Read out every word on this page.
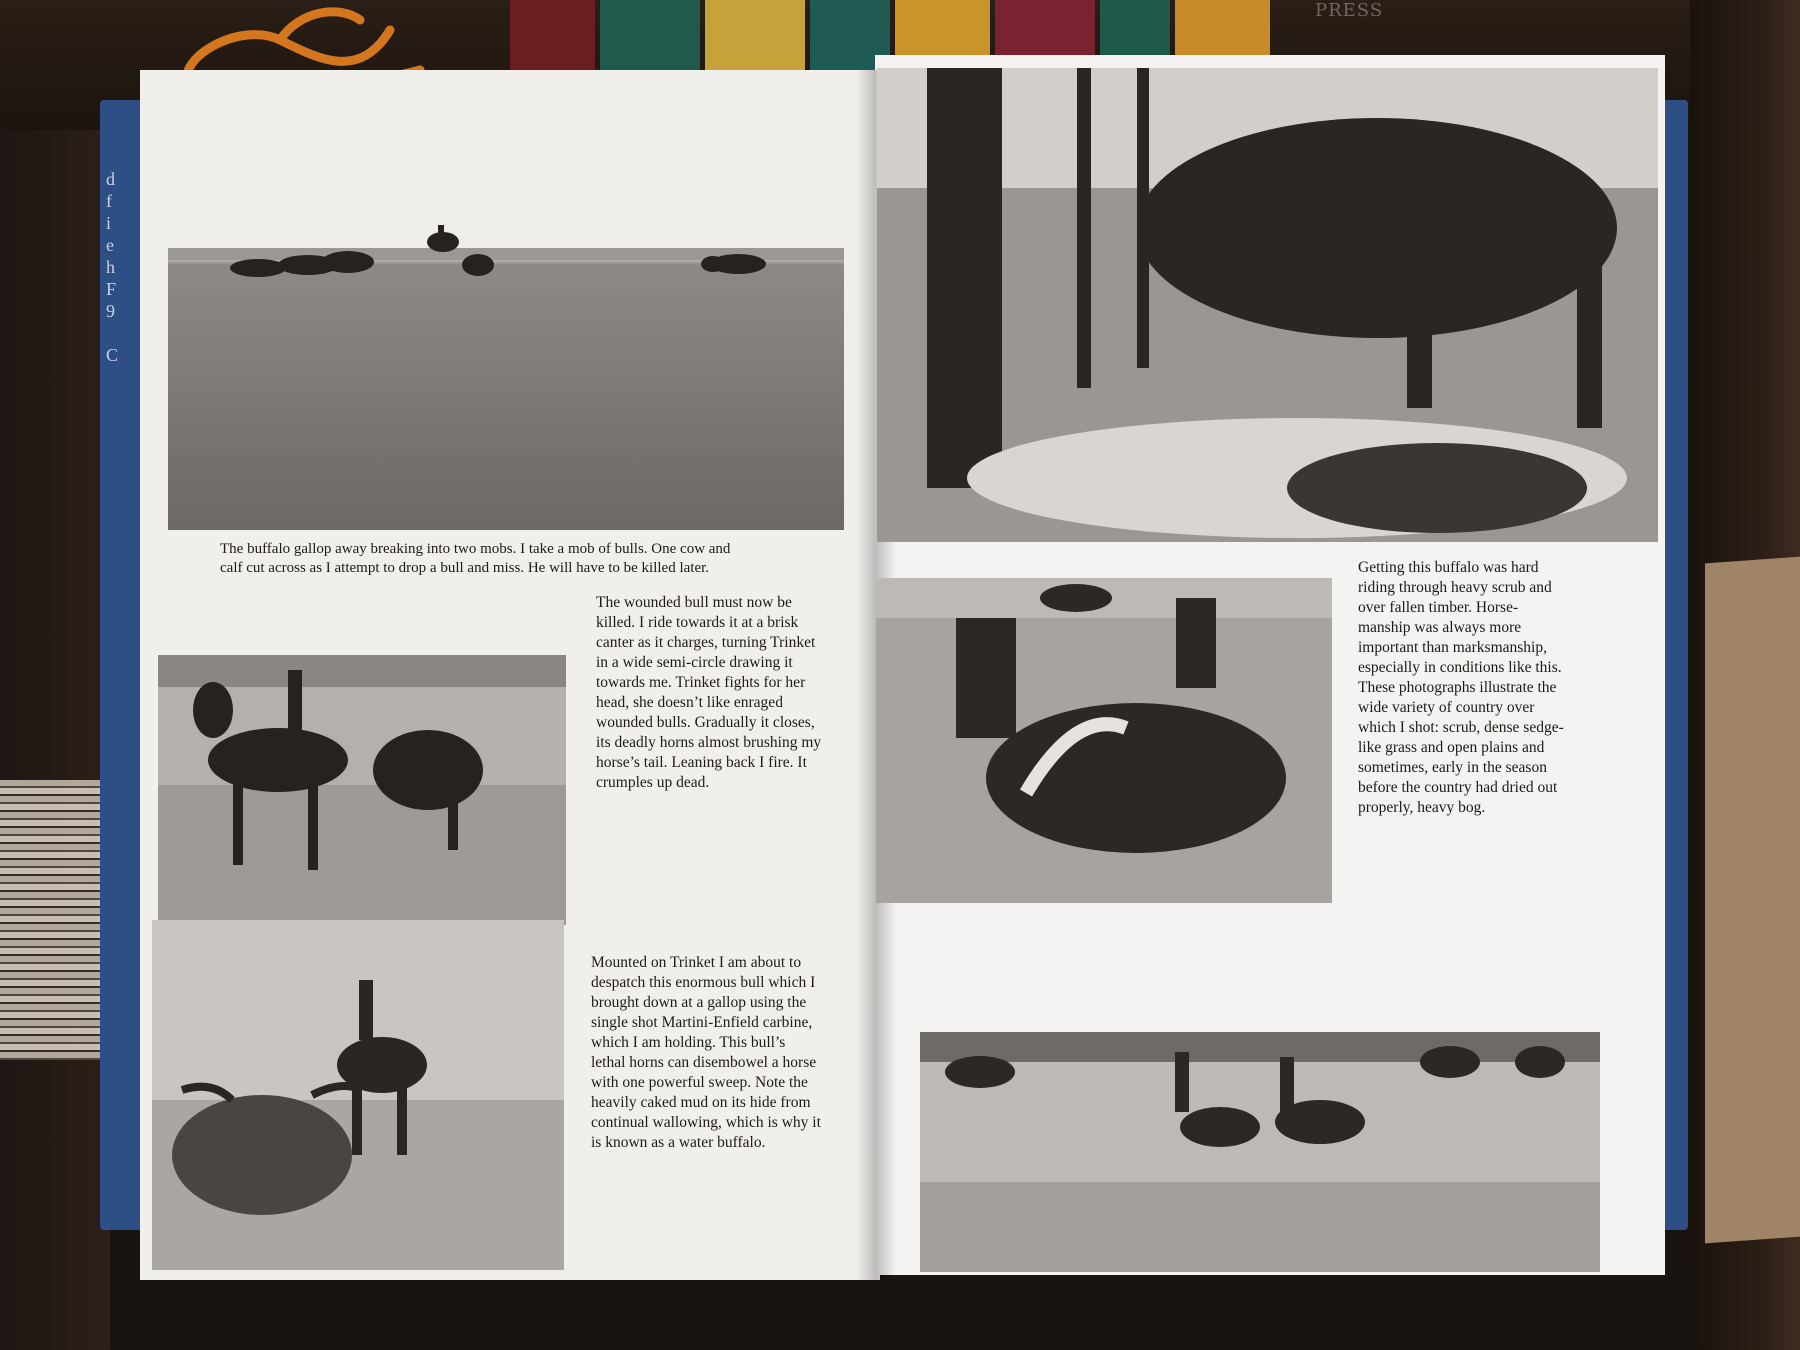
PRESS
d
f
i
e
h
F
9

C

The buffalo gallop away breaking into two mobs. I take a mob of bulls. One cow and
calf cut across as I attempt to drop a bull and miss. He will have to be killed later.

The wounded bull must now be
killed. I ride towards it at a brisk
canter as it charges, turning Trinket
in a wide semi-circle drawing it
towards me. Trinket fights for her
head, she doesn’t like enraged
wounded bulls. Gradually it closes,
its deadly horns almost brushing my
horse’s tail. Leaning back I fire. It
crumples up dead.

Mounted on Trinket I am about to
despatch this enormous bull which I
brought down at a gallop using the
single shot Martini-Enfield carbine,
which I am holding. This bull’s
lethal horns can disembowel a horse
with one powerful sweep. Note the
heavily caked mud on its hide from
continual wallowing, which is why it
is known as a water buffalo.

Getting this buffalo was hard
riding through heavy scrub and
over fallen timber. Horse-
manship was always more
important than marksmanship,
especially in conditions like this.
These photographs illustrate the
wide variety of country over
which I shot: scrub, dense sedge-
like grass and open plains and
sometimes, early in the season
before the country had dried out
properly, heavy bog.
